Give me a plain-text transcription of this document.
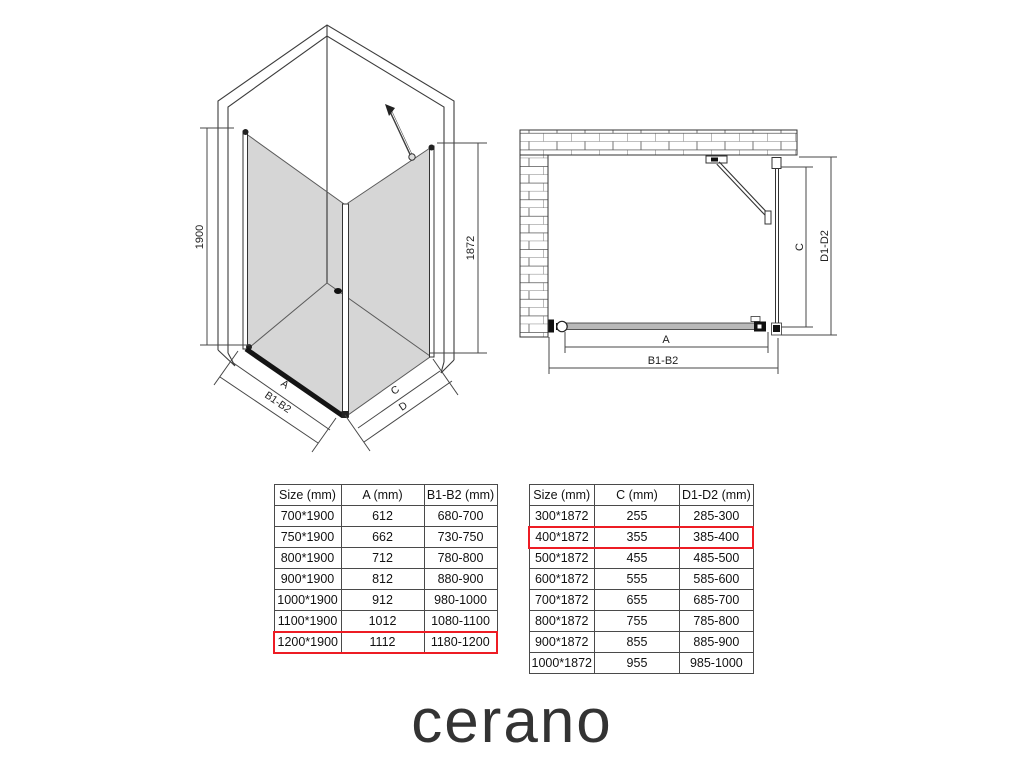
1900	1872
A
B1-B2	C
D
A
B1-B2
C D1-D2
Size (mm)	A (mm)	B1-B2 (mm)
700*1900	612	680-700
750*1900	662	730-750
800*1900	712	780-800
900*1900	812	880-900
1000*1900	912	980-1000
1100*1900	1012	1080-1100
1200*1900	1112	1180-1200
Size (mm)	C (mm)	D1-D2 (mm)
300*1872	255	285-300
400*1872	355	385-400
500*1872	455	485-500
600*1872	555	585-600
700*1872	655	685-700
800*1872	755	785-800
900*1872	855	885-900
1000*1872	955	985-1000
cerano
